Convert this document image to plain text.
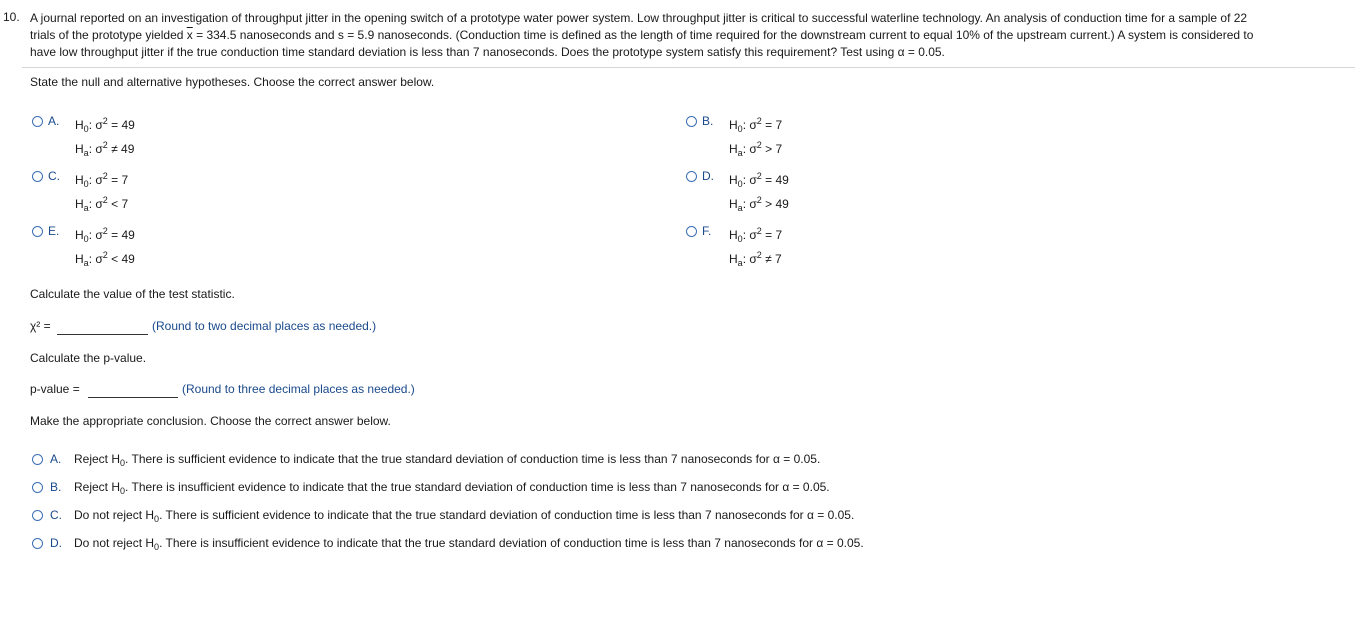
10. A journal reported on an investigation of throughput jitter in the opening switch of a prototype water power system. Low throughput jitter is critical to successful waterline technology. An analysis of conduction time for a sample of 22
trials of the prototype yielded $\overline{x} = 334.5$ nanoseconds and s = 5.9 nanoseconds. (Conduction time is defined as the length of time required for the downstream current to equal 10% of the upstream current.) A system is considered to
have low throughput jitter if the true conduction time standard deviation is less than 7 nanoseconds. Does the prototype system satisfy this requirement? Test using α = 0.05.
State the null and alternative hypotheses. Choose the correct answer below.
A. $H_0$: $\sigma^2 = 49$
$H_a$: $\sigma^2 \ne 49$
B. $H_0$: $\sigma^2 = 7$
$H_a$: $\sigma^2 > 7$
C. $H_0$: $\sigma^2 = 7$
$H_a$: $\sigma^2 < 7$
D. $H_0$: $\sigma^2 = 49$
$H_a$: $\sigma^2 > 49$
E. $H_0$: $\sigma^2 = 49$
$H_a$: $\sigma^2 < 49$
F. $H_0$: $\sigma^2 = 7$
$H_a$: $\sigma^2 \ne 7$
Calculate the value of the test statistic.
χ² =	(Round to two decimal places as needed.)
Calculate the p-value.
p-value =	(Round to three decimal places as needed.)
Make the appropriate conclusion. Choose the correct answer below.
A. Reject $H_0$. There is sufficient evidence to indicate that the true standard deviation of conduction time is less than 7 nanoseconds for α = 0.05.
B. Reject $H_0$. There is insufficient evidence to indicate that the true standard deviation of conduction time is less than 7 nanoseconds for α = 0.05.
C. Do not reject $H_0$. There is sufficient evidence to indicate that the true standard deviation of conduction time is less than 7 nanoseconds for α = 0.05.
D. Do not reject $H_0$. There is insufficient evidence to indicate that the true standard deviation of conduction time is less than 7 nanoseconds for α = 0.05.
